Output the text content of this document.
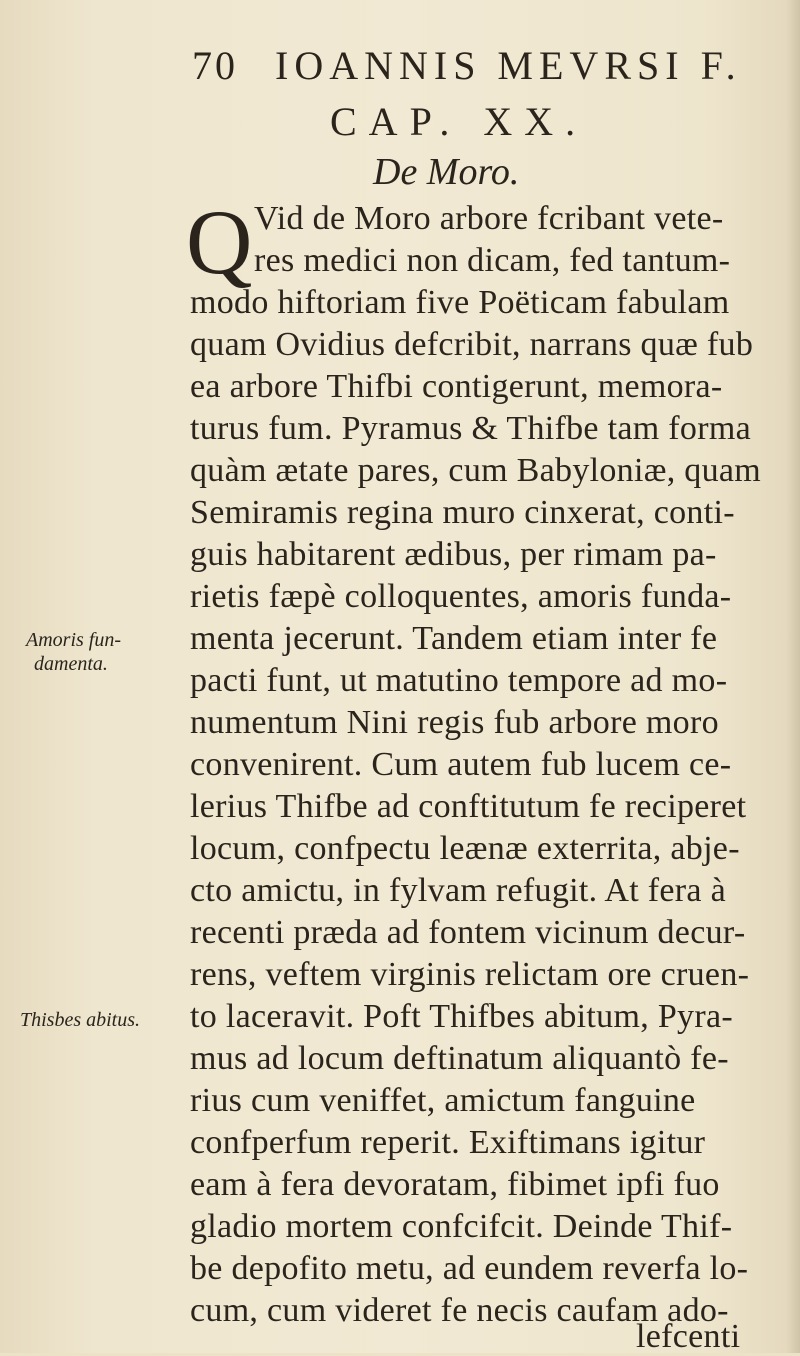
70 IOANNIS MEVRSI F.
CAP. XX.
De Moro.
Q Vid de Moro arbore fcribant vete-
res medici non dicam, fed tantum-
modo hiftoriam five Poëticam fabulam
quam Ovidius defcribit, narrans quæ fub
ea arbore Thifbi contigerunt, memora-
turus fum. Pyramus & Thifbe tam forma
quàm ætate pares, cum Babyloniæ, quam
Semiramis regina muro cinxerat, conti-
guis habitarent ædibus, per rimam pa-
rietis fæpè colloquentes, amoris funda-
menta jecerunt. Tandem etiam inter fe
pacti funt, ut matutino tempore ad mo-
numentum Nini regis fub arbore moro
convenirent. Cum autem fub lucem ce-
lerius Thifbe ad conftitutum fe reciperet
locum, confpectu leænæ exterrita, abje-
cto amictu, in fylvam refugit. At fera à
recenti præda ad fontem vicinum decur-
rens, veftem virginis relictam ore cruen-
to laceravit. Poft Thifbes abitum, Pyra-
mus ad locum deftinatum aliquantò fe-
rius cum veniffet, amictum fanguine
confperfum reperit. Exiftimans igitur
eam à fera devoratam, fibimet ipfi fuo
gladio mortem confcifcit. Deinde Thif-
be depofito metu, ad eundem reverfa lo-
cum, cum videret fe necis caufam ado-
lefcenti
Amoris fun-
damenta.
Thisbes abitus.
